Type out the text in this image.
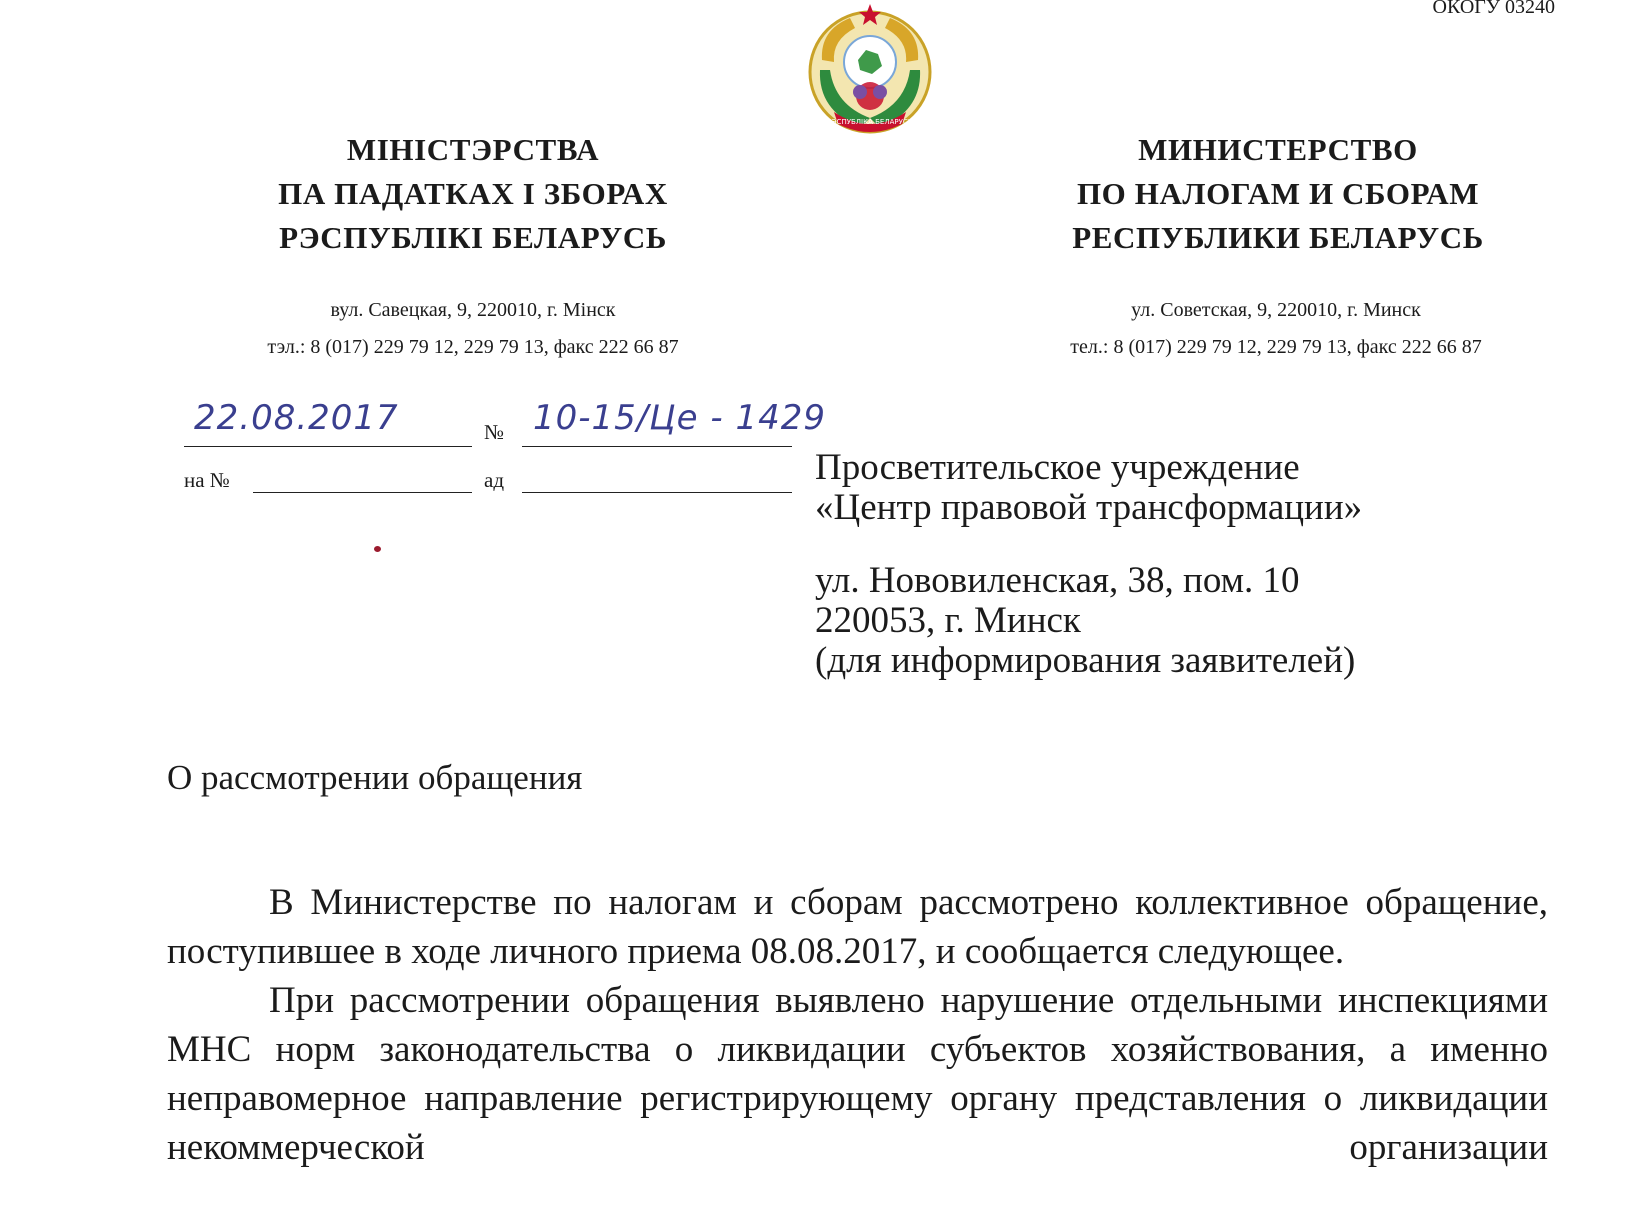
ОКОГУ 03240
РЭСПУБЛІКА БЕЛАРУСЬ
МІНІСТЭРСТВА
ПА ПАДАТКАХ І ЗБОРАХ
РЭСПУБЛІКІ БЕЛАРУСЬ
МИНИСТЕРСТВО
ПО НАЛОГАМ И СБОРАМ
РЕСПУБЛИКИ БЕЛАРУСЬ
вул. Савецкая, 9, 220010, г. Мінск
тэл.: 8 (017) 229 79 12, 229 79 13, факс 222 66 87
ул. Советская, 9, 220010, г. Минск
тел.: 8 (017) 229 79 12, 229 79 13, факс 222 66 87
22.08.2017	№ 10-15/Це - 1429
на №	ад	Просветительское учреждение
«Центр правовой трансформации»
ул. Нововиленская, 38, пом. 10
220053, г. Минск
(для информирования заявителей)
О рассмотрении обращения

В Министерстве по налогам и сборам рассмотрено коллективное обращение, поступившее в ходе личного приема 08.08.2017, и сообщается следующее.

При рассмотрении обращения выявлено нарушение отдельными инспекциями МНС норм законодательства о ликвидации субъектов хозяйствования, а именно неправомерное направление регистрирующему органу представления о ликвидации некоммерческой организации
